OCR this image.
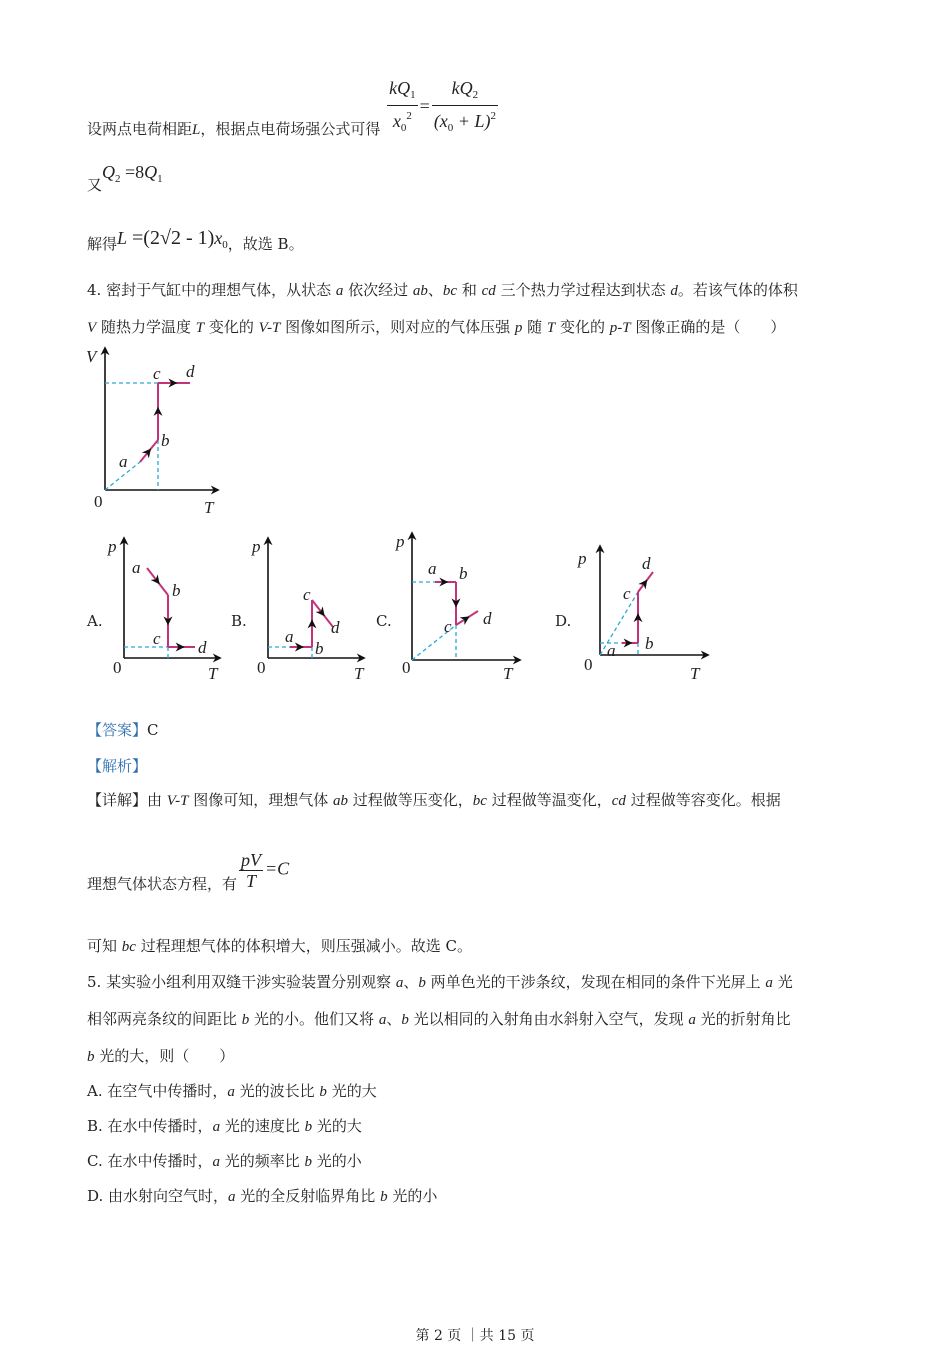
设两点电荷相距L，根据点电荷场强公式可得 $\frac{kQ_1}{x_0^2} = \frac{kQ_2}{(x_0 + L)^2}$
又$Q_2 =8Q_1$
解得$L =(2√2 - 1)x_0$，故选 B。
4. 密封于气缸中的理想气体，从状态 a 依次经过 ab、bc 和 cd 三个热力学过程达到状态 d。若该气体的体积
V 随热力学温度 T 变化的 V-T 图像如图所示，则对应的气体压强 p 随 T 变化的 p-T 图像正确的是（　　）
A.	B.	C.	D.
V
0	T
a
b
c d
p
0	T
a
b
c d
p
0	T
a
b
c
d
p
0	T
a b
c d
p
0	T
a b
c
d
【答案】C
【解析】
【详解】由 V-T 图像可知，理想气体 ab 过程做等压变化，bc 过程做等温变化，cd 过程做等容变化。根据
理想气体状态方程，有 $\frac{pV}{T} =C$
可知 bc 过程理想气体的体积增大，则压强减小。故选 C。
5. 某实验小组利用双缝干涉实验装置分别观察 a、b 两单色光的干涉条纹，发现在相同的条件下光屏上 a 光
相邻两亮条纹的间距比 b 光的小。他们又将 a、b 光以相同的入射角由水斜射入空气，发现 a 光的折射角比
b 光的大，则（　　）
A. 在空气中传播时，a 光的波长比 b 光的大
B. 在水中传播时，a 光的速度比 b 光的大
C. 在水中传播时，a 光的频率比 b 光的小
D. 由水射向空气时，a 光的全反射临界角比 b 光的小
第 2 页 ｜共 15 页
